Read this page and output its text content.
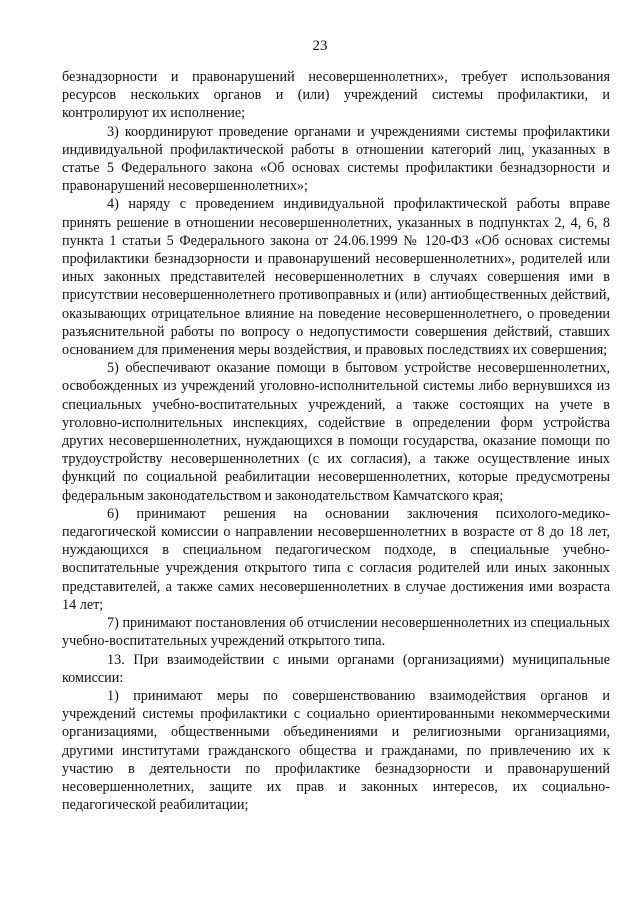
23

безнадзорности и правонарушений несовершеннолетних», требует использования ресурсов нескольких органов и (или) учреждений системы профилактики, и контролируют их исполнение;

3) координируют проведение органами и учреждениями системы профилактики индивидуальной профилактической работы в отношении категорий лиц, указанных в статье 5 Федерального закона «Об основах системы профилактики безнадзорности и правонарушений несовершеннолетних»;

4) наряду с проведением индивидуальной профилактической работы вправе принять решение в отношении несовершеннолетних, указанных в подпунктах 2, 4, 6, 8 пункта 1 статьи 5 Федерального закона от 24.06.1999 № 120-ФЗ «Об основах системы профилактики безнадзорности и правонарушений несовершеннолетних», родителей или иных законных представителей несовершеннолетних в случаях совершения ими в присутствии несовершеннолетнего противоправных и (или) антиобщественных действий, оказывающих отрицательное влияние на поведение несовершеннолетнего, о проведении разъяснительной работы по вопросу о недопустимости совершения действий, ставших основанием для применения меры воздействия, и правовых последствиях их совершения;

5) обеспечивают оказание помощи в бытовом устройстве несовершеннолетних, освобожденных из учреждений уголовно-исполнительной системы либо вернувшихся из специальных учебно-воспитательных учреждений, а также состоящих на учете в уголовно-исполнительных инспекциях, содействие в определении форм устройства других несовершеннолетних, нуждающихся в помощи государства, оказание помощи по трудоустройству несовершеннолетних (с их согласия), а также осуществление иных функций по социальной реабилитации несовершеннолетних, которые предусмотрены федеральным законодательством и законодательством Камчатского края;

6) принимают решения на основании заключения психолого-медико-педагогической комиссии о направлении несовершеннолетних в возрасте от 8 до 18 лет, нуждающихся в специальном педагогическом подходе, в специальные учебно-воспитательные учреждения открытого типа с согласия родителей или иных законных представителей, а также самих несовершеннолетних в случае достижения ими возраста 14 лет;

7) принимают постановления об отчислении несовершеннолетних из специальных учебно-воспитательных учреждений открытого типа.

13. При взаимодействии с иными органами (организациями) муниципальные комиссии:

1) принимают меры по совершенствованию взаимодействия органов и учреждений системы профилактики с социально ориентированными некоммерческими организациями, общественными объединениями и религиозными организациями, другими институтами гражданского общества и гражданами, по привлечению их к участию в деятельности по профилактике безнадзорности и правонарушений несовершеннолетних, защите их прав и законных интересов, их социально-педагогической реабилитации;
